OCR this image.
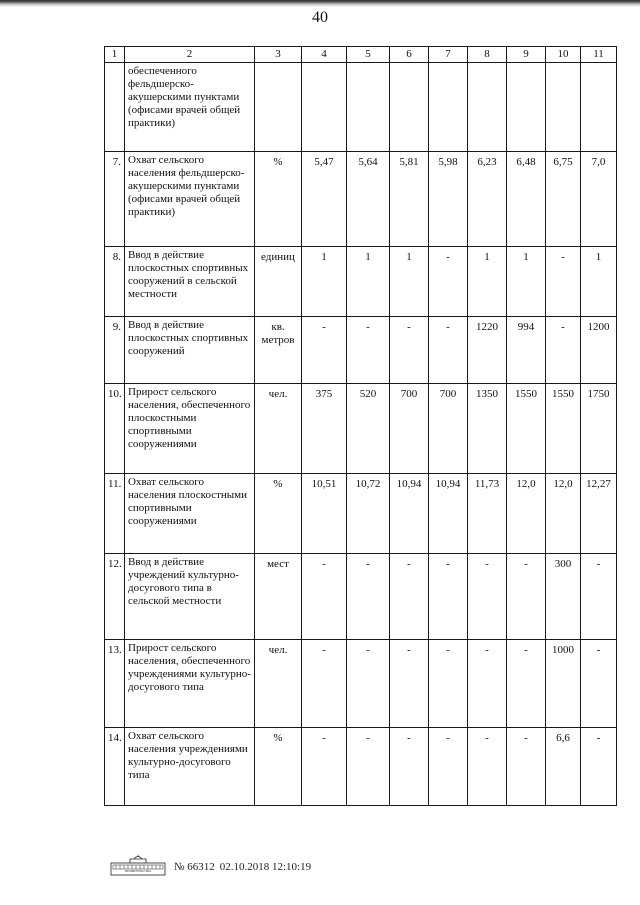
40
1	2	3	4	5	6	7	8	9	10	11
	обеспеченного фельдшерско-акушерскими пунктами (офисами врачей общей практики)									
7.	Охват сельского населения фельдшерско-акушерскими пунктами (офисами врачей общей практики)	%	5,47	5,64	5,81	5,98	6,23	6,48	6,75	7,0
8.	Ввод в действие плоскостных спортивных сооружений в сельской местности	единиц	1	1	1	-	1	1	-	1
9.	Ввод в действие плоскостных спортивных сооружений	кв. метров	-	-	-	-	1220	994	-	1200
10.	Прирост сельского населения, обеспеченного плоскостными спортивными сооружениями	чел.	375	520	700	700	1350	1550	1550	1750
11.	Охват сельского населения плоскостными спортивными сооружениями	%	10,51	10,72	10,94	10,94	11,73	12,0	12,0	12,27
12.	Ввод в действие учреждений культурно-досугового типа в сельской местности	мест	-	-	-	-	-	-	300	-
13.	Прирост сельского населения, обеспеченного учреждениями культурно-досугового типа	чел.	-	-	-	-	-	-	1000	-
14.	Охват сельского населения учреждениями культурно-досугового типа	%	-	-	-	-	-	-	6,6	-
ПРАВИТЕЛЬСТВА	№ 66312 02.10.2018 12:10:19
